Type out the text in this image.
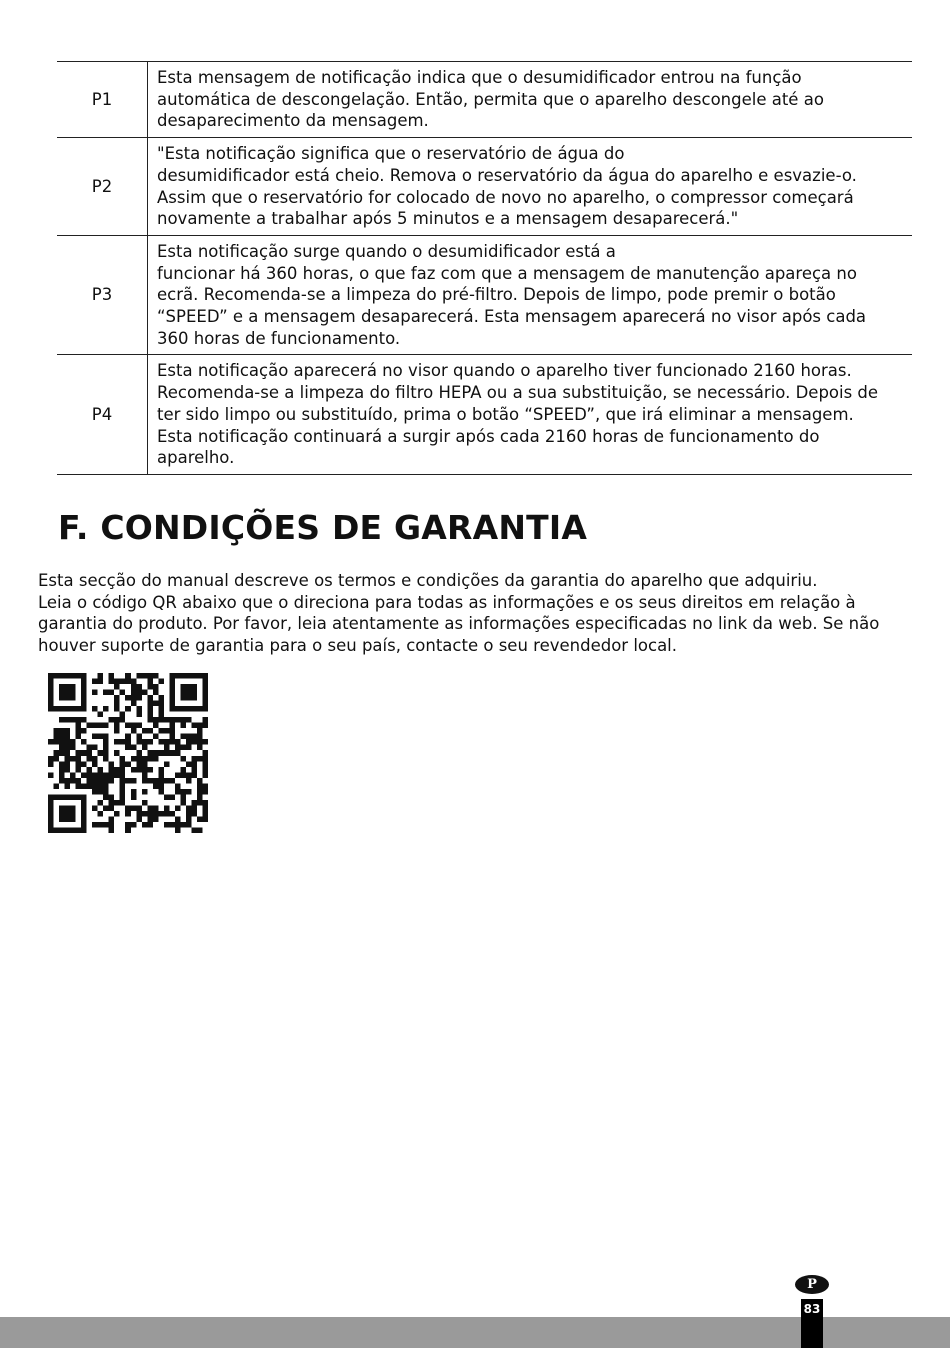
P1	Esta mensagem de notificação indica que o desumidificador entrou na função

automática de descongelação. Então, permita que o aparelho descongele até ao

desaparecimento da mensagem.

P2	"Esta notificação significa que o reservatório de água do

desumidificador está cheio. Remova o reservatório da água do aparelho e esvazie-o.

Assim que o reservatório for colocado de novo no aparelho, o compressor começará

novamente a trabalhar após 5 minutos e a mensagem desaparecerá."

P3	Esta notificação surge quando o desumidificador está a

funcionar há 360 horas, o que faz com que a mensagem de manutenção apareça no

ecrã. Recomenda-se a limpeza do pré-filtro. Depois de limpo, pode premir o botão

“SPEED” e a mensagem desaparecerá. Esta mensagem aparecerá no visor após cada

360 horas de funcionamento.

P4	Esta notificação aparecerá no visor quando o aparelho tiver funcionado 2160 horas.

Recomenda-se a limpeza do filtro HEPA ou a sua substituição, se necessário. Depois de

ter sido limpo ou substituído, prima o botão “SPEED”, que irá eliminar a mensagem.

Esta notificação continuará a surgir após cada 2160 horas de funcionamento do

aparelho.

F. CONDIÇÕES DE GARANTIA

Esta secção do manual descreve os termos e condições da garantia do aparelho que adquiriu.

Leia o código QR abaixo que o direciona para todas as informações e os seus direitos em relação à

garantia do produto. Por favor, leia atentamente as informações especificadas no link da web. Se não

houver suporte de garantia para o seu país, contacte o seu revendedor local.

P
83
